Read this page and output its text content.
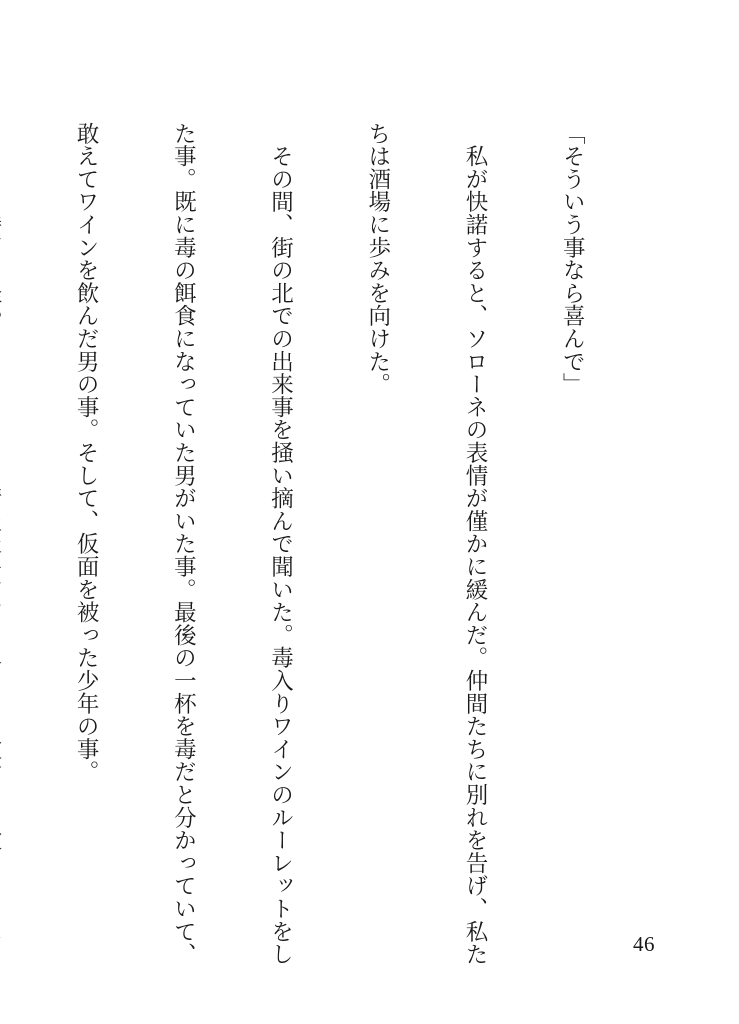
「そういう事なら喜んで」

　私が快諾すると、ソローネの表情が僅かに緩んだ。仲間たちに別れを告げ、私た

ちは酒場に歩みを向けた。

　その間、街の北での出来事を掻い摘んで聞いた。毒入りワインのルーレットをし

た事。既に毒の餌食になっていた男がいた事。最後の一杯を毒だと分かっていて、

敢えてワインを飲んだ男の事。そして、仮面を被った少年の事。

46
